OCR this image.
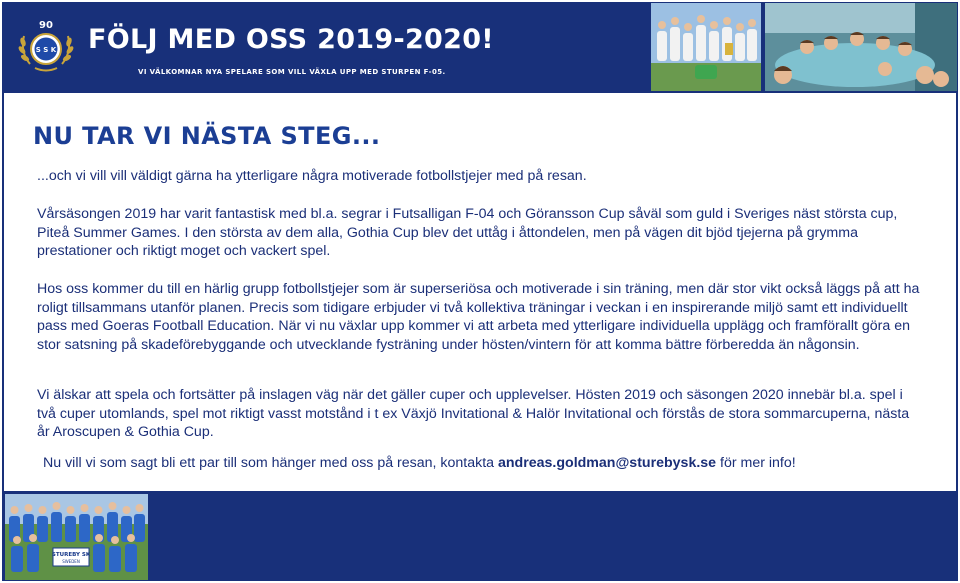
S S K
90 FÖLJ MED OSS 2019-2020!
VI VÄLKOMNAR NYA SPELARE SOM VILL VÄXLA UPP MED STURPEN F-05.
NU TAR VI NÄSTA STEG...

...och vi vill vill väldigt gärna ha ytterligare några motiverade fotbollstjejer med på resan.

Vårsäsongen 2019 har varit fantastisk med bl.a. segrar i Futsalligan F-04 och Göransson Cup såväl som guld i Sveriges näst största cup, Piteå Summer Games. I den största av dem alla, Gothia Cup blev det uttåg i åttondelen, men på vägen dit bjöd tjejerna på grymma prestationer och riktigt moget och vackert spel.

Hos oss kommer du till en härlig grupp fotbollstjejer som är superseriösa och motiverade i sin träning, men där stor vikt också läggs på att ha roligt tillsammans utanför planen. Precis som tidigare erbjuder vi två kollektiva träningar i veckan i en inspirerande miljö samt ett individuellt pass med Goeras Football Education. När vi nu växlar upp kommer vi att arbeta med ytterligare individuella upplägg och framförallt göra en stor satsning på skadeförebyggande och utvecklande fysträning under hösten/vintern för att komma bättre förberedda än någonsin.

Vi älskar att spela och fortsätter på inslagen väg när det gäller cuper och upplevelser. Hösten 2019 och säsongen 2020 innebär bl.a. spel i två cuper utomlands, spel mot riktigt vasst motstånd i t ex Växjö Invitational & Halör Invitational och förstås de stora sommarcuperna, nästa år Aroscupen & Gothia Cup.

Nu vill vi som sagt bli ett par till som hänger med oss på resan, kontakta andreas.goldman@sturebysk.se för mer info!

STUREBY SK
SWEDEN
